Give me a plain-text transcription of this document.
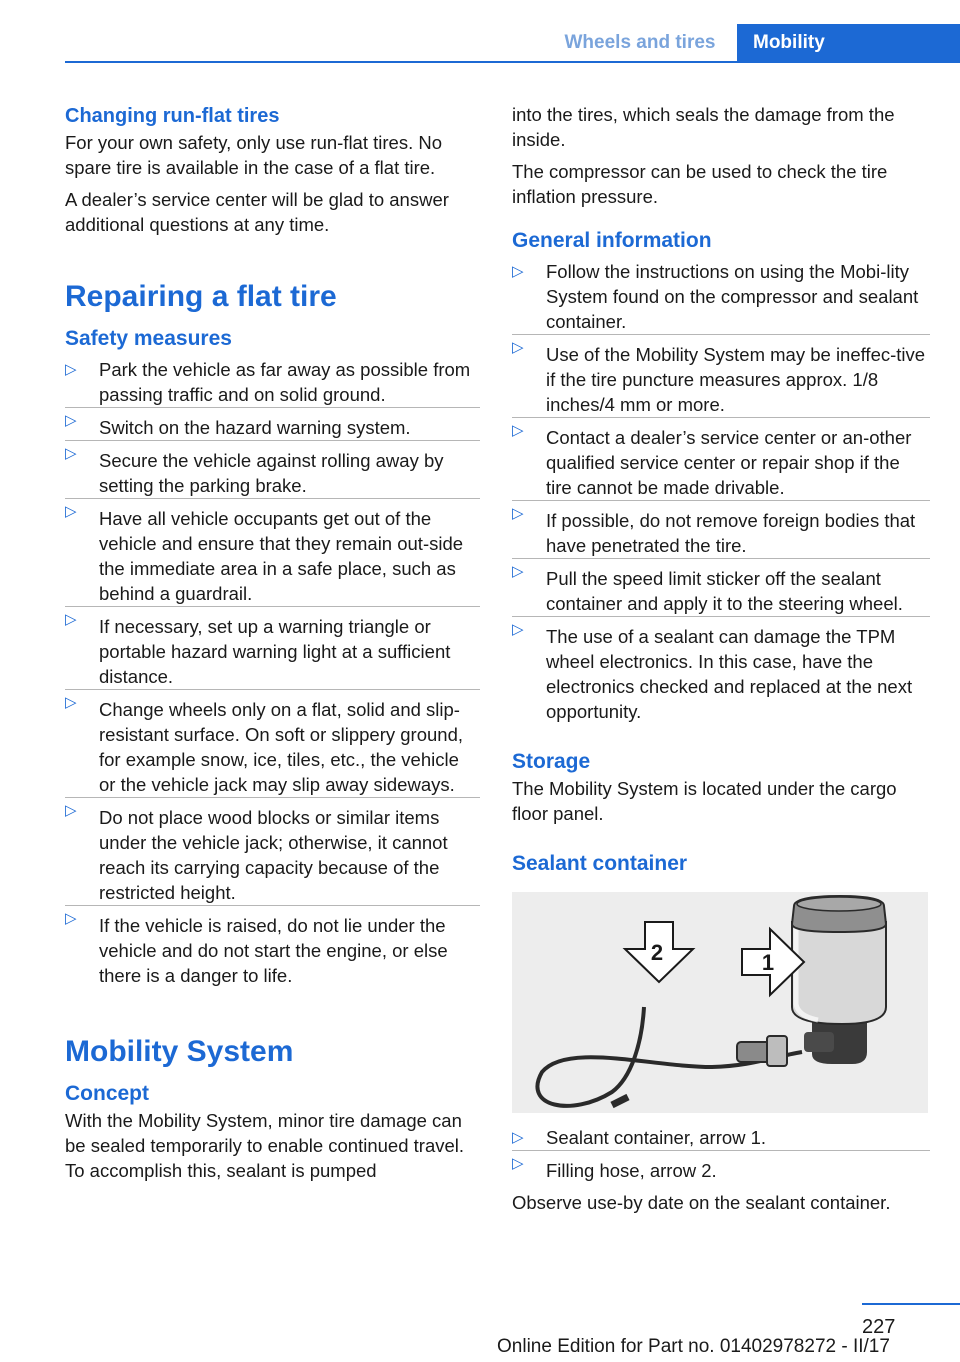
Wheels and tires	Mobility
Changing run-flat tires

For your own safety, only use run-flat tires. No spare tire is available in the case of a flat tire.

A dealer’s service center will be glad to answer additional questions at any time.

Repairing a flat tire
Safety measures
▷ Park the vehicle as far away as possible from passing traffic and on solid ground.
▷ Switch on the hazard warning system.
▷ Secure the vehicle against rolling away by setting the parking brake.
▷ Have all vehicle occupants get out of the vehicle and ensure that they remain out-side the immediate area in a safe place, such as behind a guardrail.
▷ If necessary, set up a warning triangle or portable hazard warning light at a sufficient distance.
▷ Change wheels only on a flat, solid and slip-resistant surface. On soft or slippery ground, for example snow, ice, tiles, etc., the vehicle or the vehicle jack may slip away sideways.
▷ Do not place wood blocks or similar items under the vehicle jack; otherwise, it cannot reach its carrying capacity because of the restricted height.
▷ If the vehicle is raised, do not lie under the vehicle and do not start the engine, or else there is a danger to life.
Mobility System
Concept

With the Mobility System, minor tire damage can be sealed temporarily to enable continued travel. To accomplish this, sealant is pumped

into the tires, which seals the damage from the inside.

The compressor can be used to check the tire inflation pressure.

General information
▷ Follow the instructions on using the Mobi-lity System found on the compressor and sealant container.
▷ Use of the Mobility System may be ineffec-tive if the tire puncture measures approx. 1/8 inches/4 mm or more.
▷ Contact a dealer’s service center or an-other qualified service center or repair shop if the tire cannot be made drivable.
▷ If possible, do not remove foreign bodies that have penetrated the tire.
▷ Pull the speed limit sticker off the sealant container and apply it to the steering wheel.
▷ The use of a sealant can damage the TPM wheel electronics. In this case, have the electronics checked and replaced at the next opportunity.
Storage

The Mobility System is located under the cargo floor panel.

Sealant container
2	1
▷ Sealant container, arrow 1.
▷ Filling hose, arrow 2.

Observe use-by date on the sealant container.

227
Online Edition for Part no. 01402978272 - II/17
